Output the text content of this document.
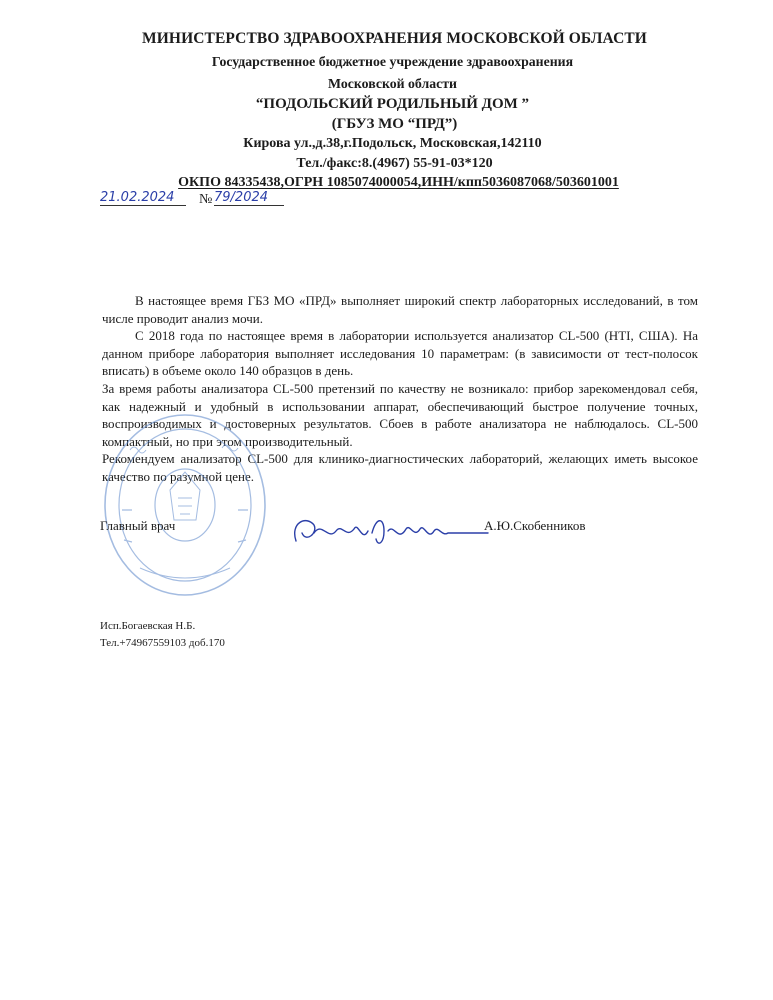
МИНИСТЕРСТВО ЗДРАВООХРАНЕНИЯ МОСКОВСКОЙ ОБЛАСТИ
Государственное бюджетное учреждение здравоохранения
Московской области
“ПОДОЛЬСКИЙ РОДИЛЬНЫЙ ДОМ ”
(ГБУЗ МО “ПРД”)
Кирова ул.,д.38,г.Подольск, Московская,142110
Тел./факс:8.(4967) 55-91-03*120
ОКПО 84335438,ОГРН 1085074000054,ИНН/кпп5036087068/503601001
21.02.2024	№ 79/2024

В настоящее время ГБЗ МО «ПРД» выполняет широкий спектр лабораторных исследований, в том числе проводит анализ мочи.

С 2018 года по настоящее время в лаборатории используется анализатор CL-500 (HTI, США). На данном приборе лаборатория выполняет исследования 10 параметрам: (в зависимости от тест-полосок вписать) в объеме около 140 образцов в день.

За время работы анализатора CL-500 претензий по качеству не возникало: прибор зарекомендовал себя, как надежный и удобный в использовании аппарат, обеспечивающий быстрое получение точных, воспроизводимых и достоверных результатов. Сбоев в работе анализатора не наблюдалось. CL-500 компактный, но при этом производительный.

Рекомендуем анализатор CL-500 для клинико-диагностических лабораторий, желающих иметь высокое качество по разумной цене.

Главный врач	А.Ю.Скобенников
Исп.Богаевская Н.Б.
Тел.+74967559103 доб.170
